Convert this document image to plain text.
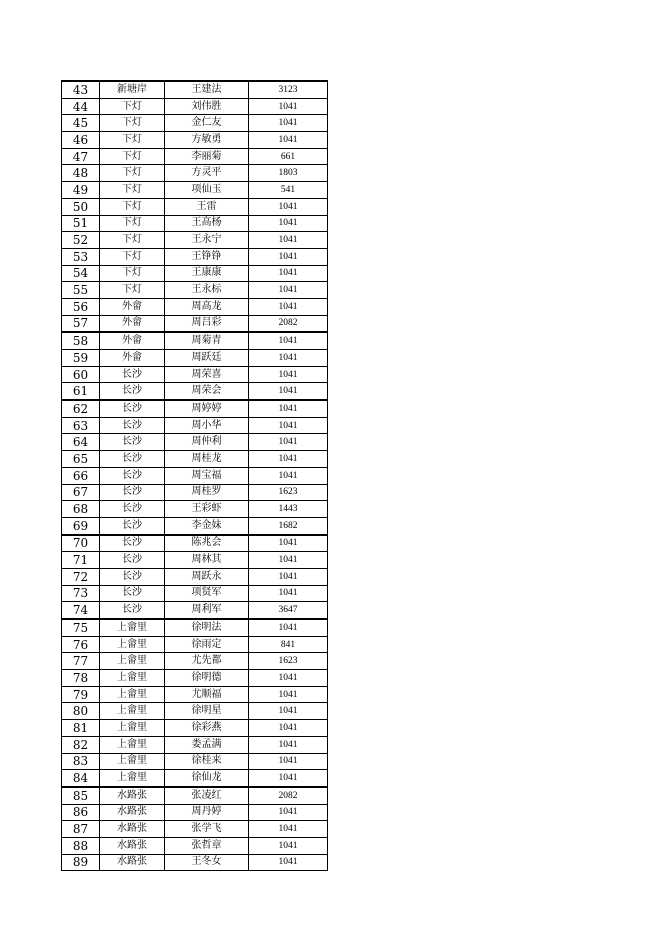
43	新塘岸	王建法	3123
44	下灯	刘伟胜	1041
45	下灯	金仁友	1041
46	下灯	方敏勇	1041
47	下灯	李丽菊	661
48	下灯	方灵平	1803
49	下灯	项仙玉	541
50	下灯	王雷	1041
51	下灯	王高杨	1041
52	下灯	王永宁	1041
53	下灯	王铮铮	1041
54	下灯	王康康	1041
55	下灯	王永标	1041
56	外畲	周高龙	1041
57	外畲	周吕彩	2082
58	外畲	周菊青	1041
59	外畲	周跃廷	1041
60	长沙	周荣喜	1041
61	长沙	周荣会	1041
62	长沙	周婷婷	1041
63	长沙	周小华	1041
64	长沙	周仲利	1041
65	长沙	周桂龙	1041
66	长沙	周宝福	1041
67	长沙	周桂罗	1623
68	长沙	王彩虾	1443
69	长沙	李金妹	1682
70	长沙	陈兆会	1041
71	长沙	周林其	1041
72	长沙	周跃永	1041
73	长沙	项贤军	1041
74	长沙	周利军	3647
75	上畲里	徐明法	1041
76	上畲里	徐雨定	841
77	上畲里	尤先都	1623
78	上畲里	徐明德	1041
79	上畲里	尤顺福	1041
80	上畲里	徐明星	1041
81	上畲里	徐彩燕	1041
82	上畲里	娄孟满	1041
83	上畲里	徐桂来	1041
84	上畲里	徐仙龙	1041
85	水路张	张凌红	2082
86	水路张	周丹婷	1041
87	水路张	张学飞	1041
88	水路张	张哲章	1041
89	水路张	王冬女	1041
